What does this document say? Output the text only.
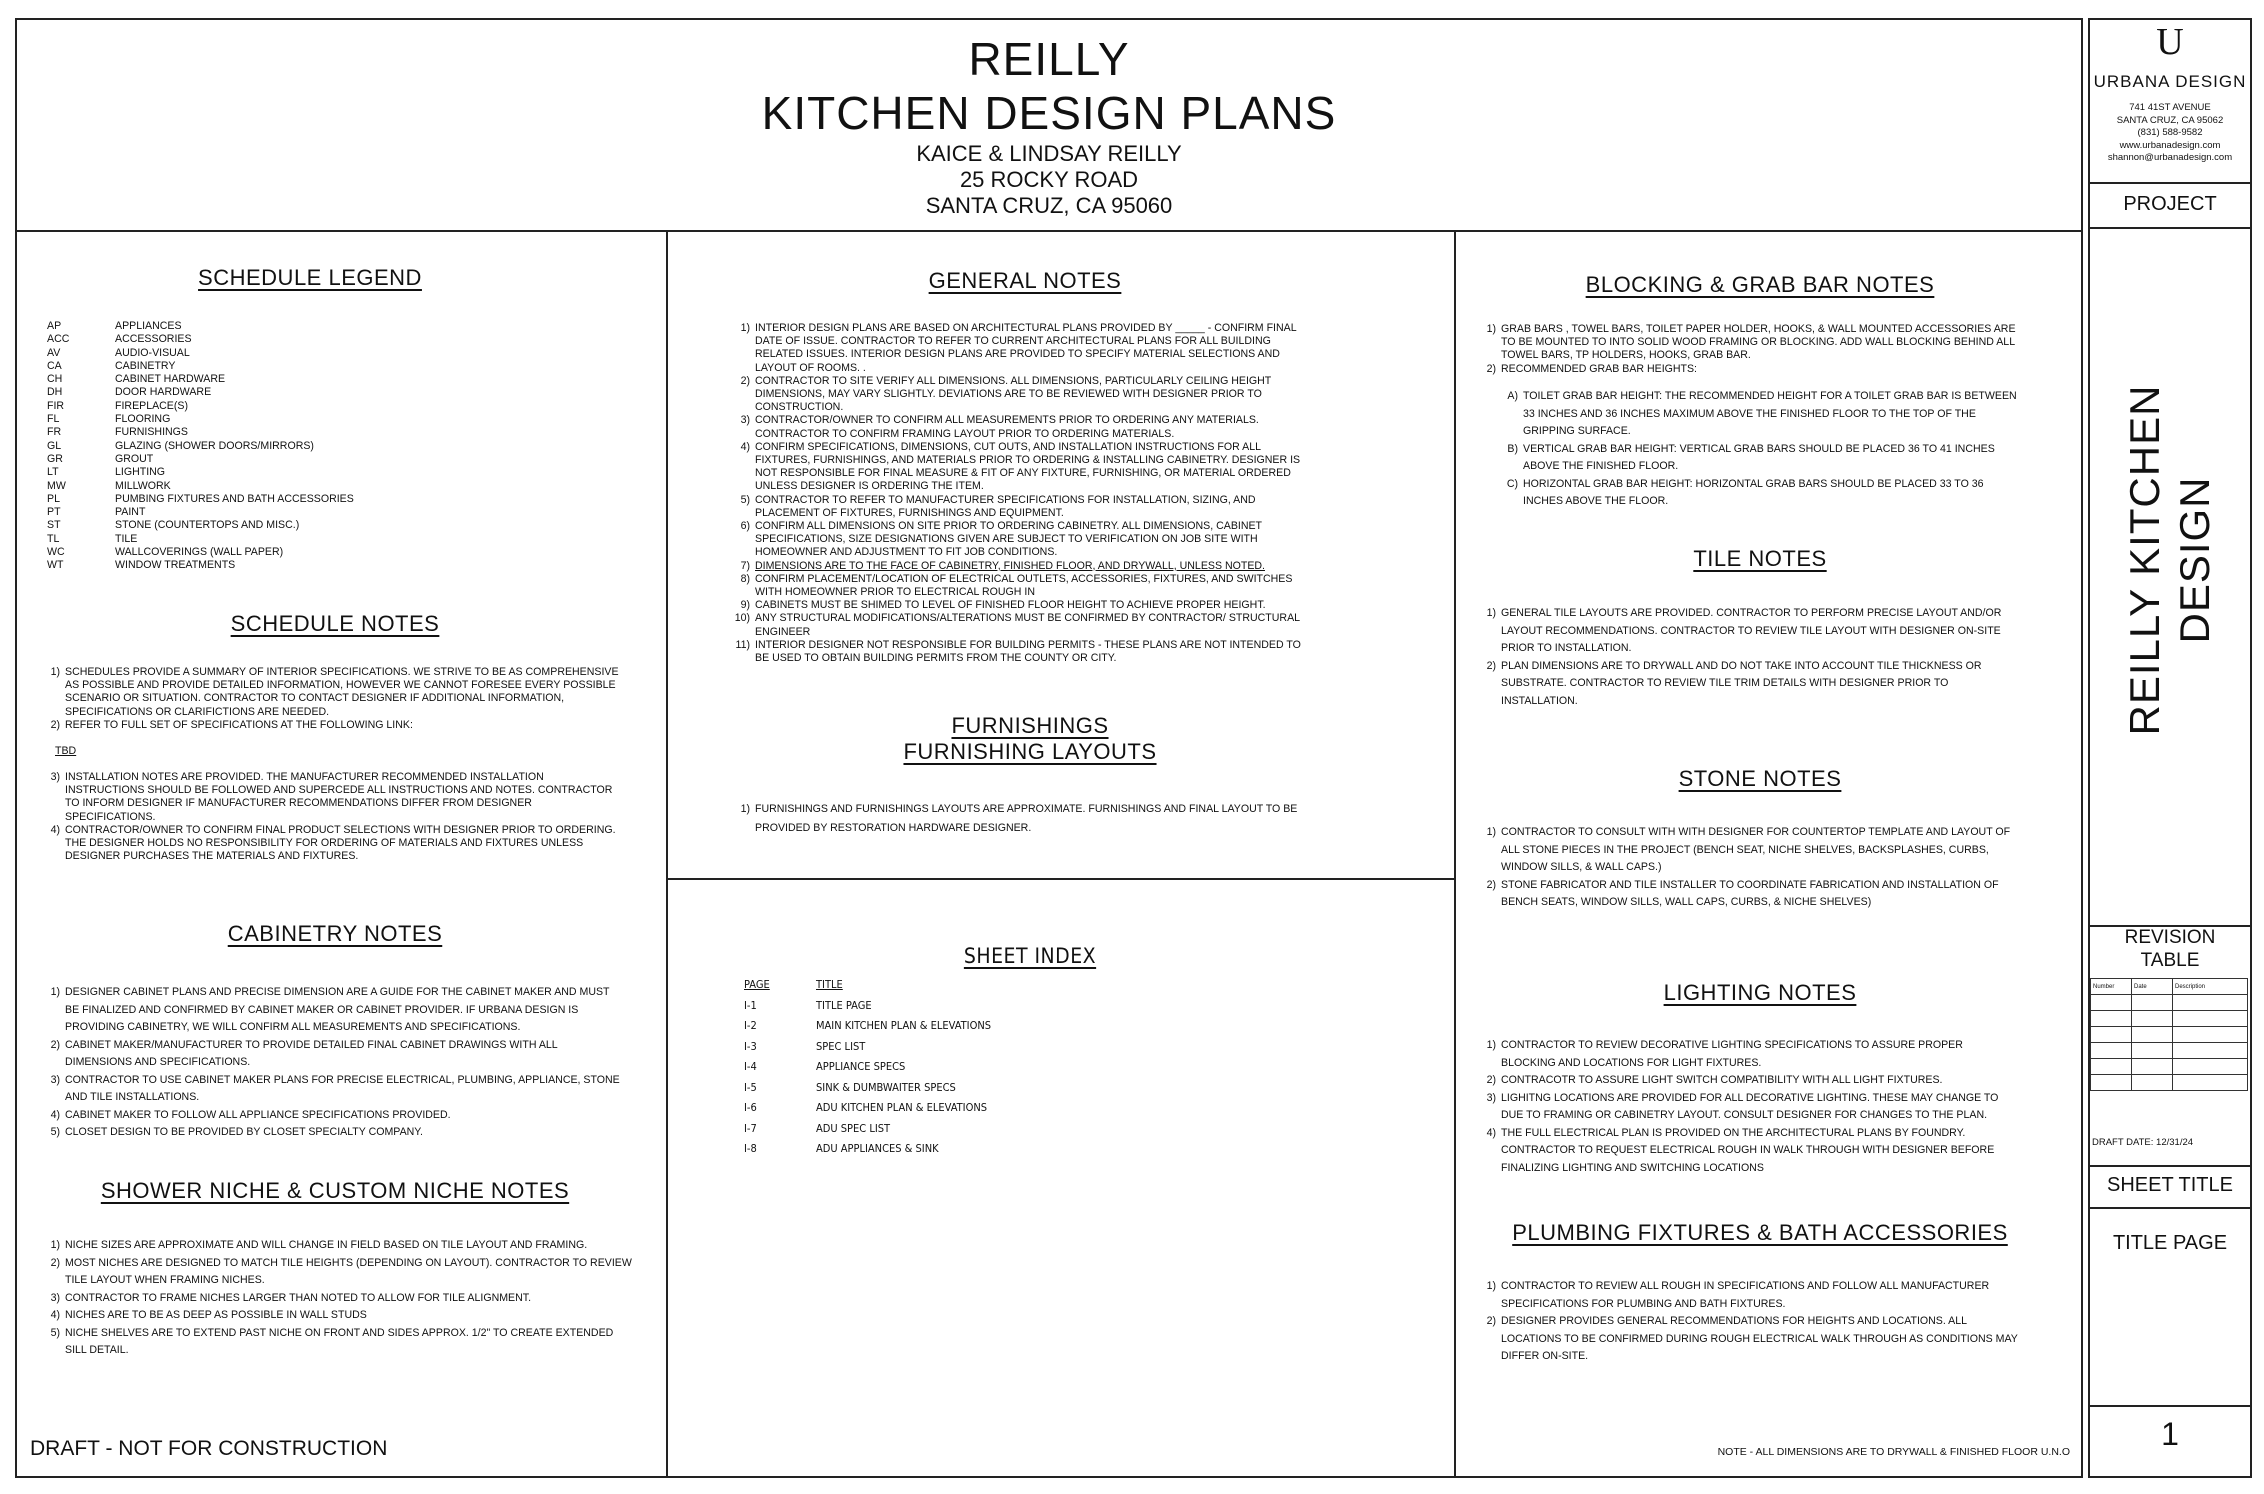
REILLY
KITCHEN DESIGN PLANS
KAICE & LINDSAY REILLY
25 ROCKY ROAD
SANTA CRUZ, CA 95060
SCHEDULE LEGEND
AP	APPLIANCES
ACC	ACCESSORIES
AV	AUDIO-VISUAL
CA	CABINETRY
CH	CABINET HARDWARE
DH	DOOR HARDWARE
FIR	FIREPLACE(S)
FL	FLOORING
FR	FURNISHINGS
GL	GLAZING (SHOWER DOORS/MIRRORS)
GR	GROUT
LT	LIGHTING
MW	MILLWORK
PL	PUMBING FIXTURES AND BATH ACCESSORIES
PT	PAINT
ST	STONE (COUNTERTOPS AND MISC.)
TL	TILE
WC	WALLCOVERINGS (WALL PAPER)
WT	WINDOW TREATMENTS
SCHEDULE NOTES
1) SCHEDULES PROVIDE A SUMMARY OF INTERIOR SPECIFICATIONS. WE STRIVE TO BE AS COMPREHENSIVE AS POSSIBLE AND PROVIDE DETAILED INFORMATION, HOWEVER WE CANNOT FORESEE EVERY POSSIBLE SCENARIO OR SITUATION. CONTRACTOR TO CONTACT DESIGNER IF ADDITIONAL INFORMATION, SPECIFICATIONS OR CLARIFICTIONS ARE NEEDED.
2) REFER TO FULL SET OF SPECIFICATIONS AT THE FOLLOWING LINK:
TBD
3) INSTALLATION NOTES ARE PROVIDED. THE MANUFACTURER RECOMMENDED INSTALLATION INSTRUCTIONS SHOULD BE FOLLOWED AND SUPERCEDE ALL INSTRUCTIONS AND NOTES. CONTRACTOR TO INFORM DESIGNER IF MANUFACTURER RECOMMENDATIONS DIFFER FROM DESIGNER SPECIFICATIONS.
4) CONTRACTOR/OWNER TO CONFIRM FINAL PRODUCT SELECTIONS WITH DESIGNER PRIOR TO ORDERING. THE DESIGNER HOLDS NO RESPONSIBILITY FOR ORDERING OF MATERIALS AND FIXTURES UNLESS DESIGNER PURCHASES THE MATERIALS AND FIXTURES.
CABINETRY NOTES
1) DESIGNER CABINET PLANS AND PRECISE DIMENSION ARE A GUIDE FOR THE CABINET MAKER AND MUST BE FINALIZED AND CONFIRMED BY CABINET MAKER OR CABINET PROVIDER. IF URBANA DESIGN IS PROVIDING CABINETRY, WE WILL CONFIRM ALL MEASUREMENTS AND SPECIFICATIONS.
2) CABINET MAKER/MANUFACTURER TO PROVIDE DETAILED FINAL CABINET DRAWINGS WITH ALL DIMENSIONS AND SPECIFICATIONS.
3) CONTRACTOR TO USE CABINET MAKER PLANS FOR PRECISE ELECTRICAL, PLUMBING, APPLIANCE, STONE AND TILE INSTALLATIONS.
4) CABINET MAKER TO FOLLOW ALL APPLIANCE SPECIFICATIONS PROVIDED.
5) CLOSET DESIGN TO BE PROVIDED BY CLOSET SPECIALTY COMPANY.
SHOWER NICHE & CUSTOM NICHE NOTES
1) NICHE SIZES ARE APPROXIMATE AND WILL CHANGE IN FIELD BASED ON TILE LAYOUT AND FRAMING.
2) MOST NICHES ARE DESIGNED TO MATCH TILE HEIGHTS (DEPENDING ON LAYOUT). CONTRACTOR TO REVIEW TILE LAYOUT WHEN FRAMING NICHES.
3) CONTRACTOR TO FRAME NICHES LARGER THAN NOTED TO ALLOW FOR TILE ALIGNMENT.
4) NICHES ARE TO BE AS DEEP AS POSSIBLE IN WALL STUDS
5) NICHE SHELVES ARE TO EXTEND PAST NICHE ON FRONT AND SIDES APPROX. 1/2" TO CREATE EXTENDED SILL DETAIL.
DRAFT - NOT FOR CONSTRUCTION
GENERAL NOTES
1) INTERIOR DESIGN PLANS ARE BASED ON ARCHITECTURAL PLANS PROVIDED BY _____ - CONFIRM FINAL DATE OF ISSUE. CONTRACTOR TO REFER TO CURRENT ARCHITECTURAL PLANS FOR ALL BUILDING RELATED ISSUES. INTERIOR DESIGN PLANS ARE PROVIDED TO SPECIFY MATERIAL SELECTIONS AND LAYOUT OF ROOMS. .
2) CONTRACTOR TO SITE VERIFY ALL DIMENSIONS. ALL DIMENSIONS, PARTICULARLY CEILING HEIGHT DIMENSIONS, MAY VARY SLIGHTLY. DEVIATIONS ARE TO BE REVIEWED WITH DESIGNER PRIOR TO CONSTRUCTION.
3) CONTRACTOR/OWNER TO CONFIRM ALL MEASUREMENTS PRIOR TO ORDERING ANY MATERIALS. CONTRACTOR TO CONFIRM FRAMING LAYOUT PRIOR TO ORDERING MATERIALS.
4) CONFIRM SPECIFICATIONS, DIMENSIONS, CUT OUTS, AND INSTALLATION INSTRUCTIONS FOR ALL FIXTURES, FURNISHINGS, AND MATERIALS PRIOR TO ORDERING & INSTALLING CABINETRY. DESIGNER IS NOT RESPONSIBLE FOR FINAL MEASURE & FIT OF ANY FIXTURE, FURNISHING, OR MATERIAL ORDERED UNLESS DESIGNER IS ORDERING THE ITEM.
5) CONTRACTOR TO REFER TO MANUFACTURER SPECIFICATIONS FOR INSTALLATION, SIZING, AND PLACEMENT OF FIXTURES, FURNISHINGS AND EQUIPMENT.
6) CONFIRM ALL DIMENSIONS ON SITE PRIOR TO ORDERING CABINETRY. ALL DIMENSIONS, CABINET SPECIFICATIONS, SIZE DESIGNATIONS GIVEN ARE SUBJECT TO VERIFICATION ON JOB SITE WITH HOMEOWNER AND ADJUSTMENT TO FIT JOB CONDITIONS.
7) DIMENSIONS ARE TO THE FACE OF CABINETRY, FINISHED FLOOR, AND DRYWALL, UNLESS NOTED.
8) CONFIRM PLACEMENT/LOCATION OF ELECTRICAL OUTLETS, ACCESSORIES, FIXTURES, AND SWITCHES WITH HOMEOWNER PRIOR TO ELECTRICAL ROUGH IN
9) CABINETS MUST BE SHIMED TO LEVEL OF FINISHED FLOOR HEIGHT TO ACHIEVE PROPER HEIGHT.
10) ANY STRUCTURAL MODIFICATIONS/ALTERATIONS MUST BE CONFIRMED BY CONTRACTOR/ STRUCTURAL ENGINEER
11) INTERIOR DESIGNER NOT RESPONSIBLE FOR BUILDING PERMITS - THESE PLANS ARE NOT INTENDED TO BE USED TO OBTAIN BUILDING PERMITS FROM THE COUNTY OR CITY.
FURNISHINGS
FURNISHING LAYOUTS
1) FURNISHINGS AND FURNISHINGS LAYOUTS ARE APPROXIMATE. FURNISHINGS AND FINAL LAYOUT TO BE PROVIDED BY RESTORATION HARDWARE DESIGNER.
SHEET INDEX
PAGE	TITLE
I-1	TITLE PAGE
I-2	MAIN KITCHEN PLAN & ELEVATIONS
I-3	SPEC LIST
I-4	APPLIANCE SPECS
I-5	SINK & DUMBWAITER SPECS
I-6	ADU KITCHEN PLAN & ELEVATIONS
I-7	ADU SPEC LIST
I-8	ADU APPLIANCES & SINK
BLOCKING & GRAB BAR NOTES
1) GRAB BARS , TOWEL BARS, TOILET PAPER HOLDER, HOOKS, & WALL MOUNTED ACCESSORIES ARE TO BE MOUNTED TO INTO SOLID WOOD FRAMING OR BLOCKING. ADD WALL BLOCKING BEHIND ALL TOWEL BARS, TP HOLDERS, HOOKS, GRAB BAR.
2) RECOMMENDED GRAB BAR HEIGHTS:
A) TOILET GRAB BAR HEIGHT: THE RECOMMENDED HEIGHT FOR A TOILET GRAB BAR IS BETWEEN 33 INCHES AND 36 INCHES MAXIMUM ABOVE THE FINISHED FLOOR TO THE TOP OF THE GRIPPING SURFACE.
B) VERTICAL GRAB BAR HEIGHT: VERTICAL GRAB BARS SHOULD BE PLACED 36 TO 41 INCHES ABOVE THE FINISHED FLOOR.
C) HORIZONTAL GRAB BAR HEIGHT: HORIZONTAL GRAB BARS SHOULD BE PLACED 33 TO 36 INCHES ABOVE THE FLOOR.
TILE NOTES
1) GENERAL TILE LAYOUTS ARE PROVIDED. CONTRACTOR TO PERFORM PRECISE LAYOUT AND/OR LAYOUT RECOMMENDATIONS. CONTRACTOR TO REVIEW TILE LAYOUT WITH DESIGNER ON-SITE PRIOR TO INSTALLATION.
2) PLAN DIMENSIONS ARE TO DRYWALL AND DO NOT TAKE INTO ACCOUNT TILE THICKNESS OR SUBSTRATE. CONTRACTOR TO REVIEW TILE TRIM DETAILS WITH DESIGNER PRIOR TO INSTALLATION.
STONE NOTES
1) CONTRACTOR TO CONSULT WITH WITH DESIGNER FOR COUNTERTOP TEMPLATE AND LAYOUT OF ALL STONE PIECES IN THE PROJECT (BENCH SEAT, NICHE SHELVES, BACKSPLASHES, CURBS, WINDOW SILLS, & WALL CAPS.)
2) STONE FABRICATOR AND TILE INSTALLER TO COORDINATE FABRICATION AND INSTALLATION OF BENCH SEATS, WINDOW SILLS, WALL CAPS, CURBS, & NICHE SHELVES)
LIGHTING NOTES
1) CONTRACTOR TO REVIEW DECORATIVE LIGHTING SPECIFICATIONS TO ASSURE PROPER BLOCKING AND LOCATIONS FOR LIGHT FIXTURES.
2) CONTRACOTR TO ASSURE LIGHT SWITCH COMPATIBILITY WITH ALL LIGHT FIXTURES.
3) LIGHITNG LOCATIONS ARE PROVIDED FOR ALL DECORATIVE LIGHTING. THESE MAY CHANGE TO DUE TO FRAMING OR CABINETRY LAYOUT. CONSULT DESIGNER FOR CHANGES TO THE PLAN.
4) THE FULL ELECTRICAL PLAN IS PROVIDED ON THE ARCHITECTURAL PLANS BY FOUNDRY. CONTRACTOR TO REQUEST ELECTRICAL ROUGH IN WALK THROUGH WITH DESIGNER BEFORE FINALIZING LIGHTING AND SWITCHING LOCATIONS
PLUMBING FIXTURES & BATH ACCESSORIES
1) CONTRACTOR TO REVIEW ALL ROUGH IN SPECIFICATIONS AND FOLLOW ALL MANUFACTURER SPECIFICATIONS FOR PLUMBING AND BATH FIXTURES.
2) DESIGNER PROVIDES GENERAL RECOMMENDATIONS FOR HEIGHTS AND LOCATIONS. ALL LOCATIONS TO BE CONFIRMED DURING ROUGH ELECTRICAL WALK THROUGH AS CONDITIONS MAY DIFFER ON-SITE.
NOTE - ALL DIMENSIONS ARE TO DRYWALL & FINISHED FLOOR U.N.O
U
URBANA DESIGN
741 41ST AVENUE
SANTA CRUZ, CA 95062
(831) 588-9582
www.urbanadesign.com
shannon@urbanadesign.com
PROJECT
REILLY KITCHEN DESIGN
REVISION TABLE
Number	Date	Description

DRAFT DATE: 12/31/24
SHEET TITLE
TITLE PAGE
1
